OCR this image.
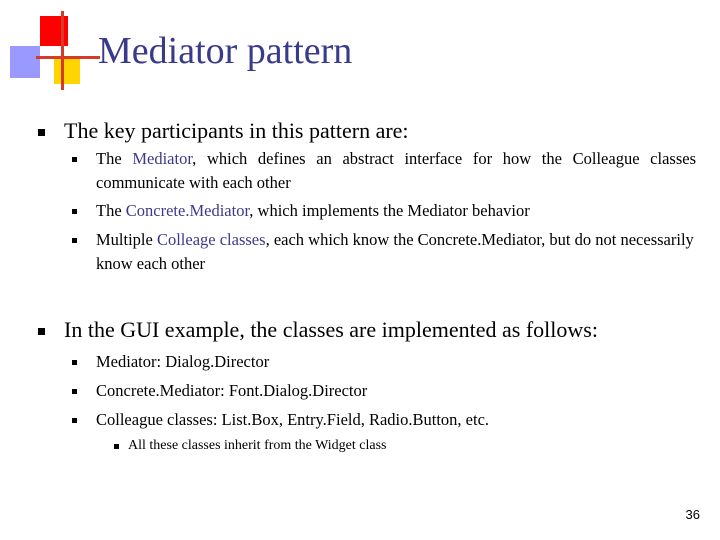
Mediator pattern
The key participants in this pattern are:
The Mediator, which defines an abstract interface for how the Colleague classes communicate with each other
The Concrete.Mediator, which implements the Mediator behavior
Multiple Colleage classes, each which know the Concrete.Mediator, but do not necessarily know each other
In the GUI example, the classes are implemented as follows:
Mediator: Dialog.Director
Concrete.Mediator: Font.Dialog.Director
Colleague classes: List.Box, Entry.Field, Radio.Button, etc.
All these classes inherit from the Widget class
36
